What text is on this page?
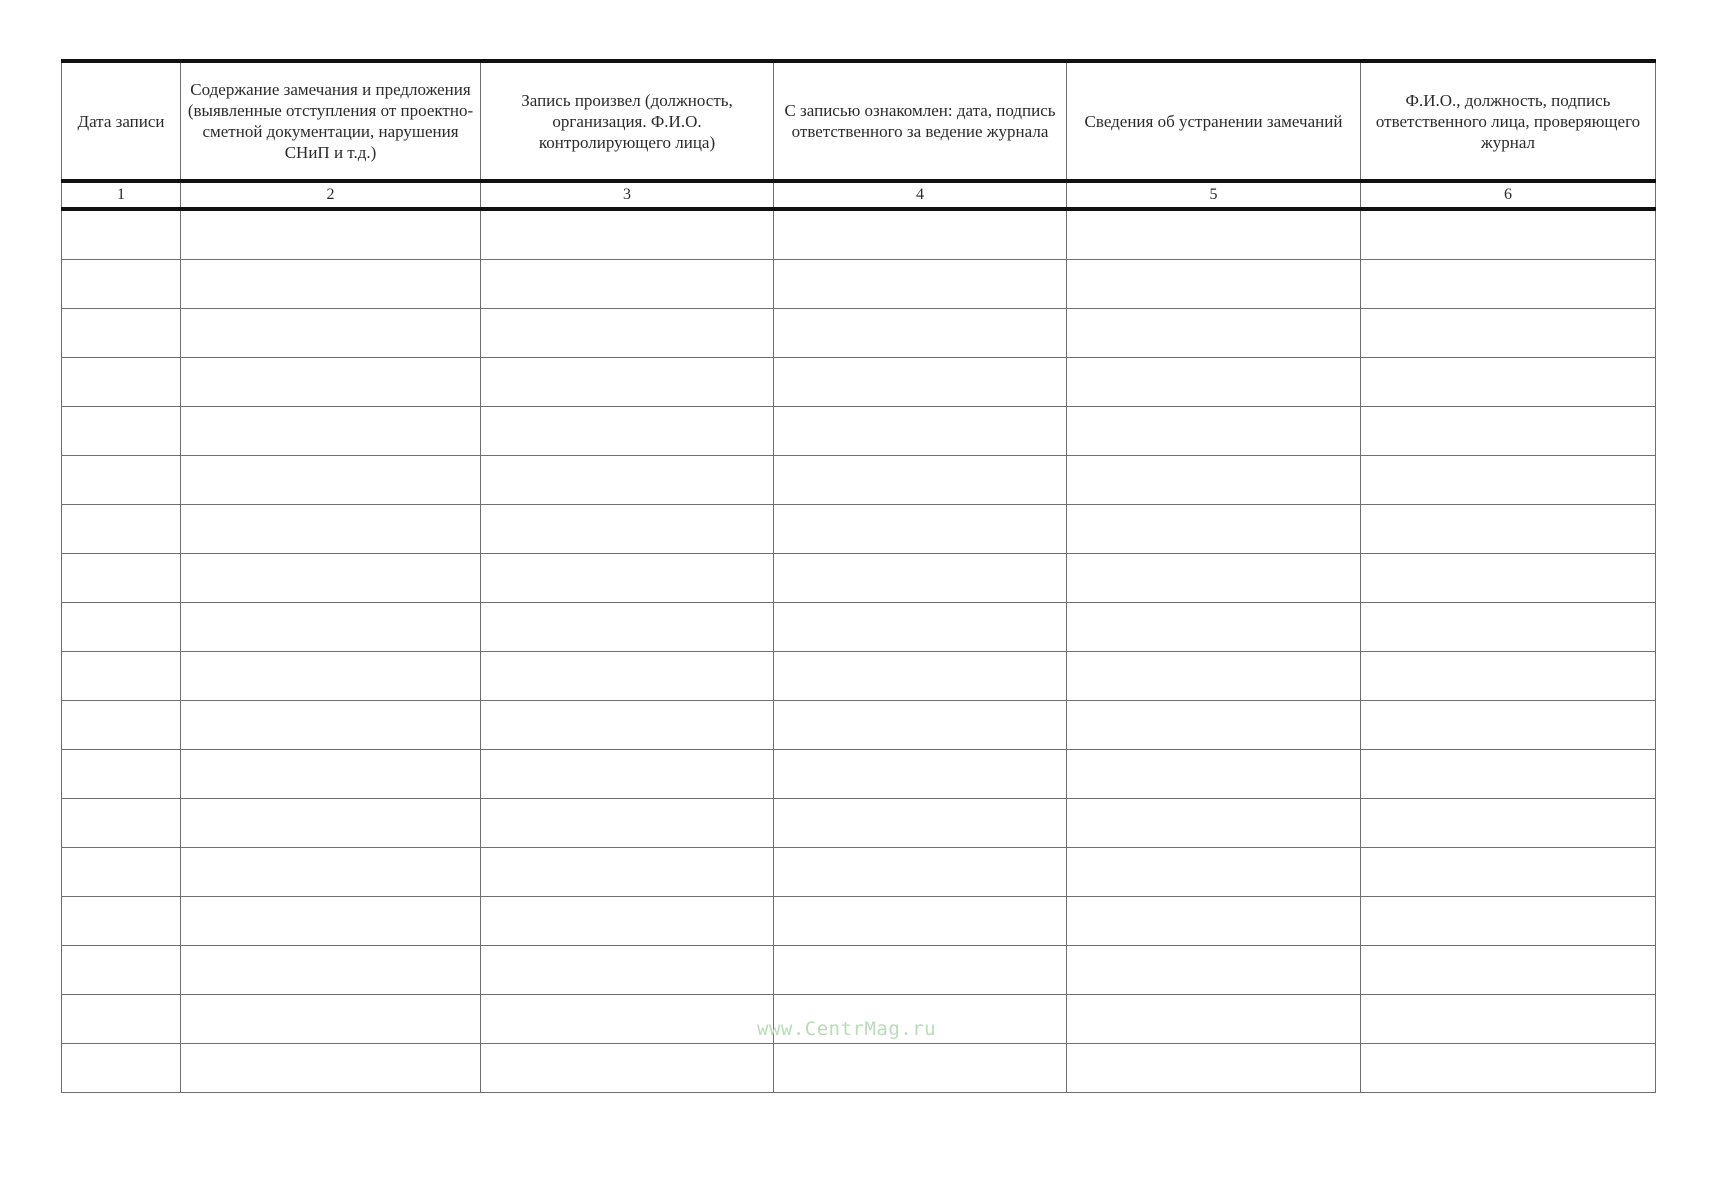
Дата записи	Содержание замечания и предложения (выявленные отступления от проектно-сметной документации, нарушения СНиП и т.д.)	Запись произвел (должность, организация. Ф.И.О. контролирующего лица)	С записью ознакомлен: дата, подпись ответственного за ведение журнала	Сведения об устранении замечаний	Ф.И.О., должность, подпись ответственного лица, проверяющего журнал
1	2	3	4	5	6

www.CentrMag.ru
